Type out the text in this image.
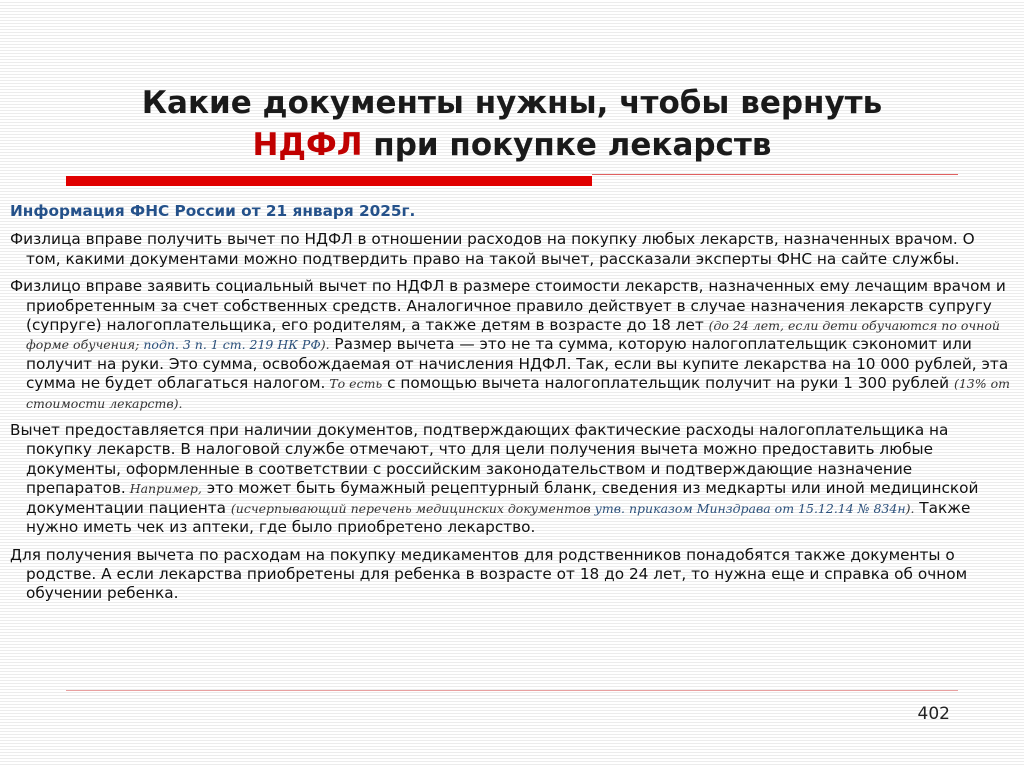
Какие документы нужны, чтобы вернуть
НДФЛ при покупке лекарств

Информация ФНС России от 21 января 2025г.

Физлица вправе получить вычет по НДФЛ в отношении расходов на покупку любых лекарств, назначенных врачом. О том, какими документами можно подтвердить право на такой вычет, рассказали эксперты ФНС на сайте службы.

Физлицо вправе заявить социальный вычет по НДФЛ в размере стоимости лекарств, назначенных ему лечащим врачом и приобретенным за счет собственных средств. Аналогичное правило действует в случае назначения лекарств супругу (супруге) налогоплательщика, его родителям, а также детям в возрасте до 18 лет (до 24 лет, если дети обучаются по очной форме обучения; подп. 3 п. 1 ст. 219 НК РФ). Размер вычета — это не та сумма, которую налогоплательщик сэкономит или получит на руки. Это сумма, освобождаемая от начисления НДФЛ. Так, если вы купите лекарства на 10 000 рублей, эта сумма не будет облагаться налогом. То есть с помощью вычета налогоплательщик получит на руки 1 300 рублей (13% от стоимости лекарств).

Вычет предоставляется при наличии документов, подтверждающих фактические расходы налогоплательщика на покупку лекарств. В налоговой службе отмечают, что для цели получения вычета можно предоставить любые документы, оформленные в соответствии с российским законодательством и подтверждающие назначение препаратов. Например, это может быть бумажный рецептурный бланк, сведения из медкарты или иной медицинской документации пациента (исчерпывающий перечень медицинских документов утв. приказом Минздрава от 15.12.14 № 834н). Также нужно иметь чек из аптеки, где было приобретено лекарство.

Для получения вычета по расходам на покупку медикаментов для родственников понадобятся также документы о родстве. А если лекарства приобретены для ребенка в возрасте от 18 до 24 лет, то нужна еще и справка об очном обучении ребенка.

402
